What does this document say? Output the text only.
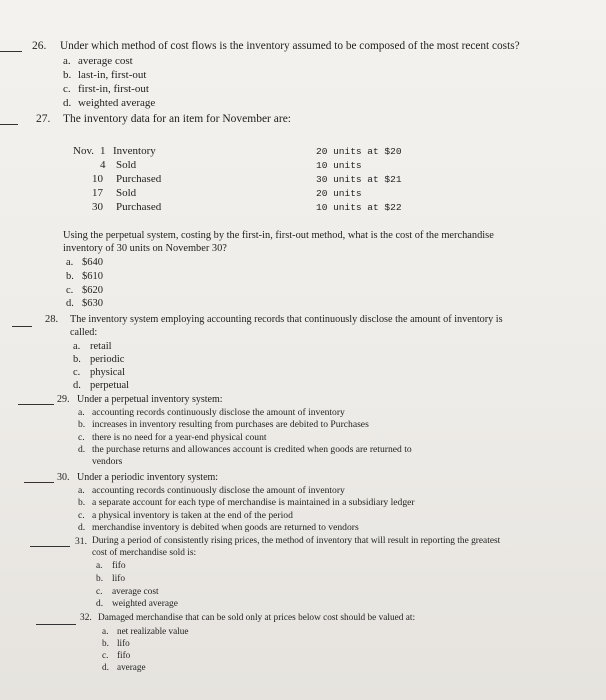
26. Under which method of cost flows is the inventory assumed to be composed of the most recent costs?
a. average cost
b. last-in, first-out
c. first-in, first-out
d. weighted average
27. The inventory data for an item for November are:
Nov. 1 Inventory	20 units at $20
4 Sold	10 units
10 Purchased	30 units at $21
17 Sold	20 units
30 Purchased	10 units at $22
Using the perpetual system, costing by the first-in, first-out method, what is the cost of the merchandise
inventory of 30 units on November 30?
a. $640
b. $610
c. $620
d. $630
28. The inventory system employing accounting records that continuously disclose the amount of inventory is
called:
a. retail
b. periodic
c. physical
d. perpetual
29. Under a perpetual inventory system:
a. accounting records continuously disclose the amount of inventory
b. increases in inventory resulting from purchases are debited to Purchases
c. there is no need for a year-end physical count
d. the purchase returns and allowances account is credited when goods are returned to
vendors
30. Under a periodic inventory system:
a. accounting records continuously disclose the amount of inventory
b. a separate account for each type of merchandise is maintained in a subsidiary ledger
c. a physical inventory is taken at the end of the period
d. merchandise inventory is debited when goods are returned to vendors
31. During a period of consistently rising prices, the method of inventory that will result in reporting the greatest
cost of merchandise sold is:
a. fifo
b. lifo
c. average cost
d. weighted average
32. Damaged merchandise that can be sold only at prices below cost should be valued at:
a. net realizable value
b. lifo
c. fifo
d. average
